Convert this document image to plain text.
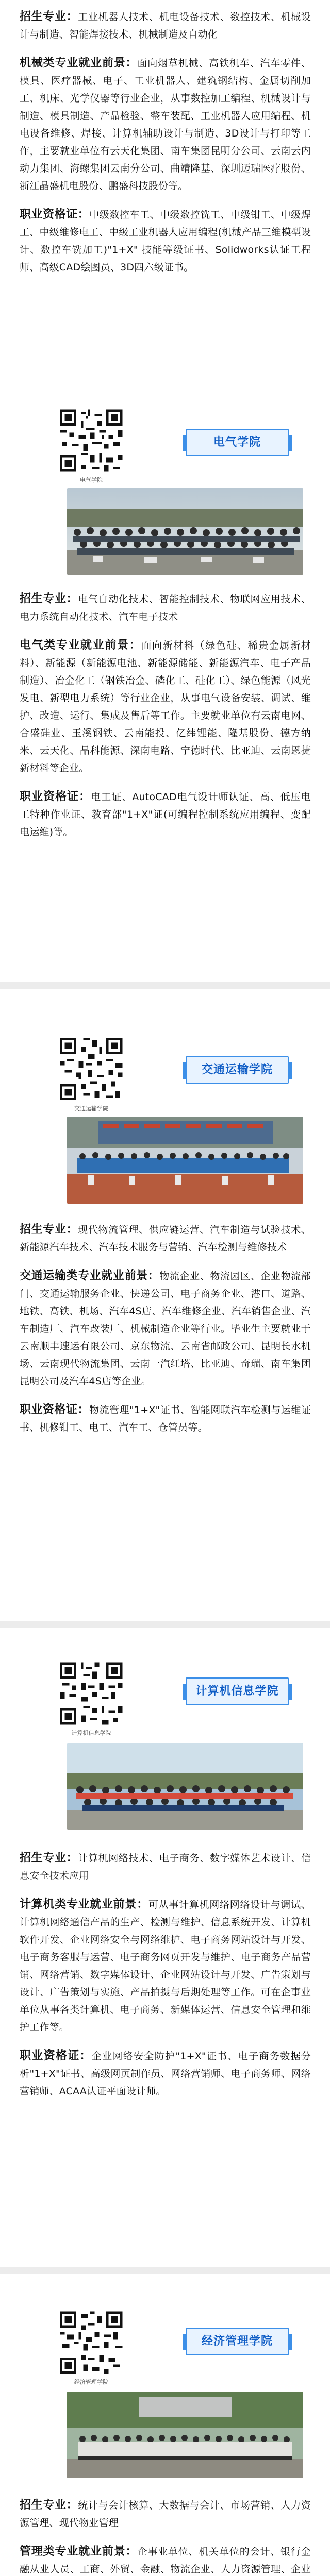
招生专业：工业机器人技术、机电设备技术、数控技术、机械设计与制造、智能焊接技术、机械制造及自动化

机械类专业就业前景：面向烟草机械、高铁机车、汽车零件、模具、医疗器械、电子、工业机器人、建筑钢结构、金属切削加工、机床、光学仪器等行业企业，从事数控加工编程、机械设计与制造、模具制造、产品检验、整车装配、工业机器人应用编程、机电设备维修、焊接、计算机辅助设计与制造、3D设计与打印等工作，主要就业单位有云天化集团、南车集团昆明分公司、云南云内动力集团、海螺集团云南分公司、曲靖隆基、深圳迈瑞医疗股份、浙江晶盛机电股份、鹏盛科技股份等。

职业资格证：中级数控车工、中级数控铣工、中级钳工、中级焊工、中级维修电工、中级工业机器人应用编程(机械产品三维模型设计、数控车铣加工)"1+X" 技能等级证书、Solidworks认证工程师、高级CAD绘图员、3D四六级证书。

电气学院
电气学院

招生专业：电气自动化技术、智能控制技术、物联网应用技术、电力系统自动化技术、汽车电子技术

电气类专业就业前景：面向新材料（绿色硅、稀贵金属新材料）、新能源（新能源电池、新能源储能、新能源汽车、电子产品制造）、冶金化工（钢铁冶金、磷化工、硅化工）、绿色能源（风光发电、新型电力系统）等行业企业，从事电气设备安装、调试、维护、改造、运行、集成及售后等工作。主要就业单位有云南电网、合盛硅业、玉溪钢铁、云南能投、亿纬锂能、隆基股份、德方纳米、云天化、晶科能源、深南电路、宁德时代、比亚迪、云南恩捷新材料等企业。

职业资格证：电工证、AutoCAD电气设计师认证、高、低压电工特种作业证、教育部"1+X"证(可编程控制系统应用编程、变配电运维)等。

交通运输学院
交通运输学院

招生专业：现代物流管理、供应链运营、汽车制造与试验技术、新能源汽车技术、汽车技术服务与营销、汽车检测与维修技术

交通运输类专业就业前景：物流企业、物流园区、企业物流部门、交通运输服务企业、快递公司、电子商务企业、港口、道路、地铁、高铁、机场、汽车4S店、汽车维修企业、汽车销售企业、汽车制造厂、汽车改装厂、机械制造企业等行业。毕业生主要就业于云南顺丰速运有限公司、京东物流、云南省邮政公司、昆明长水机场、云南现代物流集团、云南一汽红塔、比亚迪、奇瑞、南车集团昆明公司及汽车4S店等企业。

职业资格证：物流管理"1+X"证书、智能网联汽车检测与运维证书、机修钳工、电工、汽车工、仓管员等。

计算机信息学院
计算机信息学院

招生专业：计算机网络技术、电子商务、数字媒体艺术设计、信息安全技术应用

计算机类专业就业前景：可从事计算机网络网络设计与调试、计算机网络通信产品的生产、检测与维护、信息系统开发、计算机软件开发、企业网络安全与网络维护、电子商务网站设计与开发、电子商务客服与运营、电子商务网页开发与维护、电子商务产品营销、网络营销、数字媒体设计、企业网站设计与开发、广告策划与设计、广告策划与实施、产品拍摄与后期处理等工作。可在企事业单位从事各类计算机、电子商务、新媒体运营、信息安全管理和维护工作等。

职业资格证：企业网络安全防护"1+X"证书、电子商务数据分析"1+X"证书、高级网页制作员、网络营销师、电子商务师、网络营销师、ACAA认证平面设计师。

经济管理学院
经济管理学院

招生专业：统计与会计核算、大数据与会计、市场营销、人力资源管理、现代物业管理

管理类专业就业前景：企事业单位、机关单位的会计、银行金融从业人员、工商、外贸、金融、物流企业、人力资源管理、企业
